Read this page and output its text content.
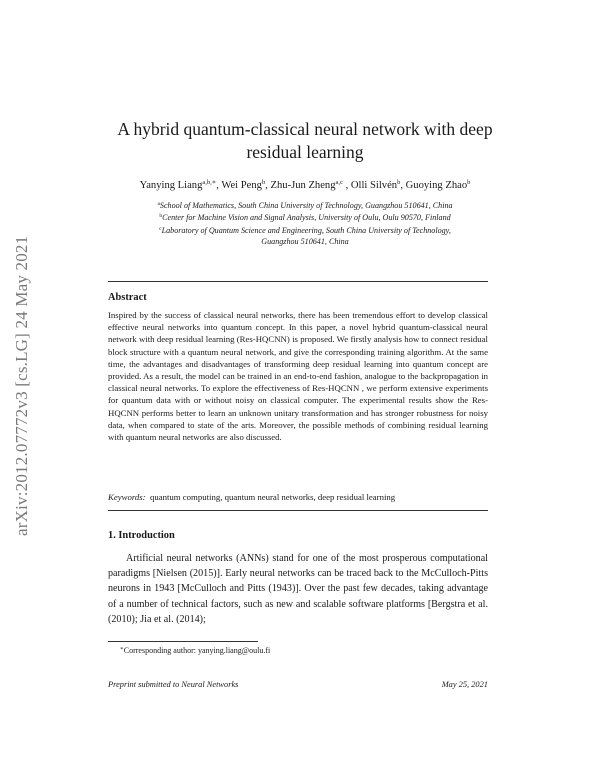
arXiv:2012.07772v3 [cs.LG] 24 May 2021
A hybrid quantum-classical neural network with deep
residual learning
Yanying Liang$^{a,b,∗}$, Wei Peng$^b$, Zhu-Jun Zheng$^{a,c}$ , Olli Silvén$^b$, Guoying Zhao$^b$
$^a$School of Mathematics, South China University of Technology, Guangzhou 510641, China
$^b$Center for Machine Vision and Signal Analysis, University of Oulu, Oulu 90570, Finland
$^c$Laboratory of Quantum Science and Engineering, South China University of Technology,
Guangzhou 510641, China
Abstract
Inspired by the success of classical neural networks, there has been tremendous effort to develop classical effective neural networks into quantum concept. In this paper, a novel hybrid quantum-classical neural network with deep residual learning (Res-HQCNN) is proposed. We firstly analysis how to connect residual block structure with a quantum neural network, and give the corresponding training algorithm. At the same time, the advantages and disadvantages of transforming deep residual learning into quantum concept are provided. As a result, the model can be trained in an end-to-end fashion, analogue to the backpropagation in classical neural networks. To explore the effectiveness of Res-HQCNN , we perform extensive experiments for quantum data with or without noisy on classical computer. The experimental results show the Res-HQCNN performs better to learn an unknown unitary transformation and has stronger robustness for noisy data, when compared to state of the arts. Moreover, the possible methods of combining residual learning with quantum neural networks are also discussed.
Keywords: quantum computing, quantum neural networks, deep residual learning
1. Introduction
Artificial neural networks (ANNs) stand for one of the most prosperous computational paradigms [Nielsen (2015)]. Early neural networks can be traced back to the McCulloch-Pitts neurons in 1943 [McCulloch and Pitts (1943)]. Over the past few decades, taking advantage of a number of technical factors, such as new and scalable software platforms [Bergstra et al. (2010); Jia et al. (2014);
∗Corresponding author: yanying.liang@oulu.fi
Preprint submitted to Neural Networks	May 25, 2021
